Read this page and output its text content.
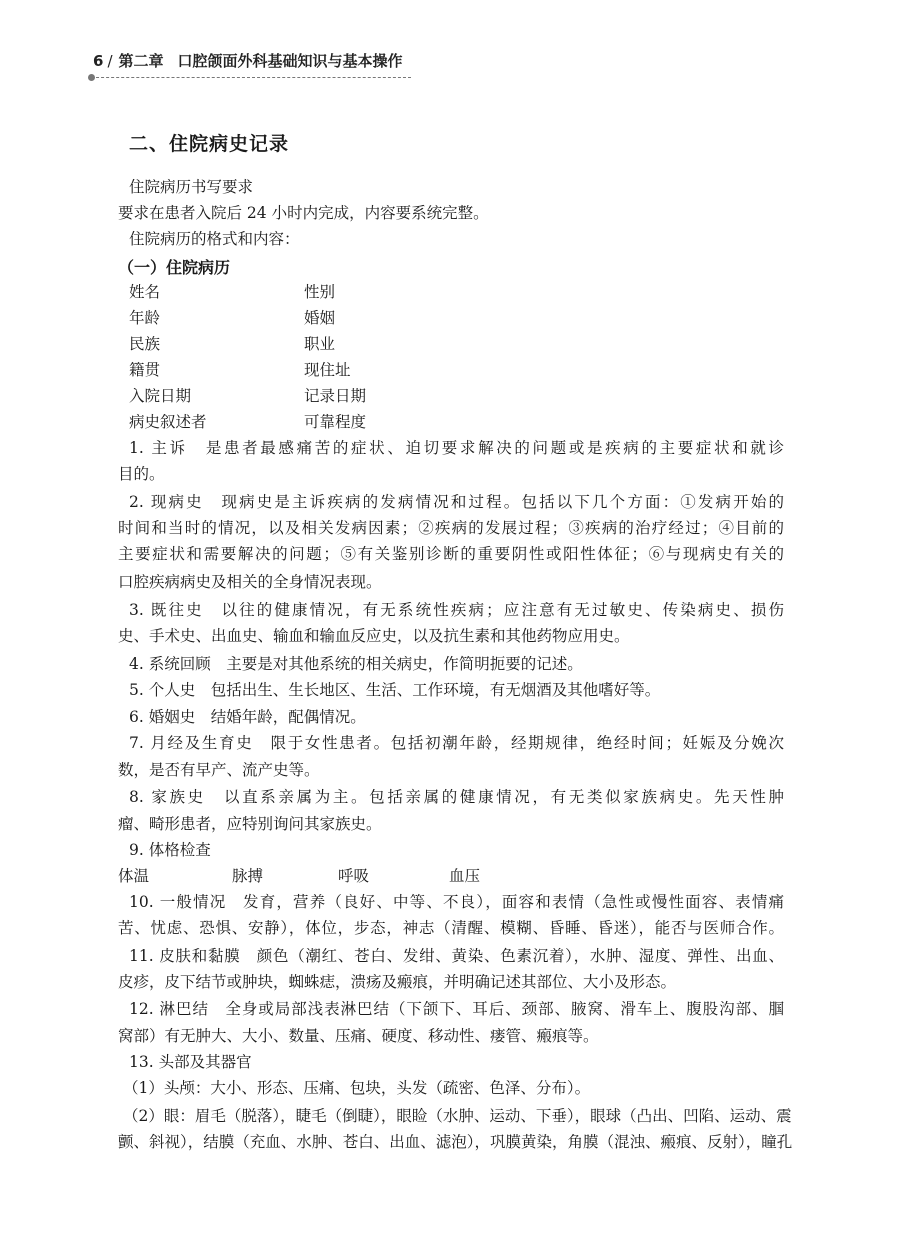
6 / 第二章 口腔颌面外科基础知识与基本操作
二、住院病史记录
住院病历书写要求
要求在患者入院后 24 小时内完成，内容要系统完整。
住院病历的格式和内容：
（一）住院病历
姓名	性别
年龄	婚姻
民族	职业
籍贯	现住址
入院日期	记录日期
病史叙述者	可靠程度
1. 主诉　是患者最感痛苦的症状、迫切要求解决的问题或是疾病的主要症状和就诊
目的。
2. 现病史　现病史是主诉疾病的发病情况和过程。包括以下几个方面：①发病开始的
时间和当时的情况，以及相关发病因素；②疾病的发展过程；③疾病的治疗经过；④目前的
主要症状和需要解决的问题；⑤有关鉴别诊断的重要阴性或阳性体征；⑥与现病史有关的
口腔疾病病史及相关的全身情况表现。
3. 既往史　以往的健康情况，有无系统性疾病；应注意有无过敏史、传染病史、损伤
史、手术史、出血史、输血和输血反应史，以及抗生素和其他药物应用史。
4. 系统回顾　主要是对其他系统的相关病史，作简明扼要的记述。
5. 个人史　包括出生、生长地区、生活、工作环境，有无烟酒及其他嗜好等。
6. 婚姻史　结婚年龄，配偶情况。
7. 月经及生育史　限于女性患者。包括初潮年龄，经期规律，绝经时间；妊娠及分娩次
数，是否有早产、流产史等。
8. 家族史　以直系亲属为主。包括亲属的健康情况，有无类似家族病史。先天性肿
瘤、畸形患者，应特别询问其家族史。
9. 体格检查
体温	脉搏	呼吸	血压
10. 一般情况　发育，营养（良好、中等、不良），面容和表情（急性或慢性面容、表情痛
苦、忧虑、恐惧、安静），体位，步态，神志（清醒、模糊、昏睡、昏迷），能否与医师合作。
11. 皮肤和黏膜　颜色（潮红、苍白、发绀、黄染、色素沉着），水肿、湿度、弹性、出血、
皮疹，皮下结节或肿块，蜘蛛痣，溃疡及瘢痕，并明确记述其部位、大小及形态。
12. 淋巴结　全身或局部浅表淋巴结（下颌下、耳后、颈部、腋窝、滑车上、腹股沟部、腘
窝部）有无肿大、大小、数量、压痛、硬度、移动性、瘘管、瘢痕等。
13. 头部及其器官
（1）头颅：大小、形态、压痛、包块，头发（疏密、色泽、分布）。
（2）眼：眉毛（脱落），睫毛（倒睫），眼睑（水肿、运动、下垂），眼球（凸出、凹陷、运动、震
颤、斜视），结膜（充血、水肿、苍白、出血、滤泡），巩膜黄染，角膜（混浊、瘢痕、反射），瞳孔
